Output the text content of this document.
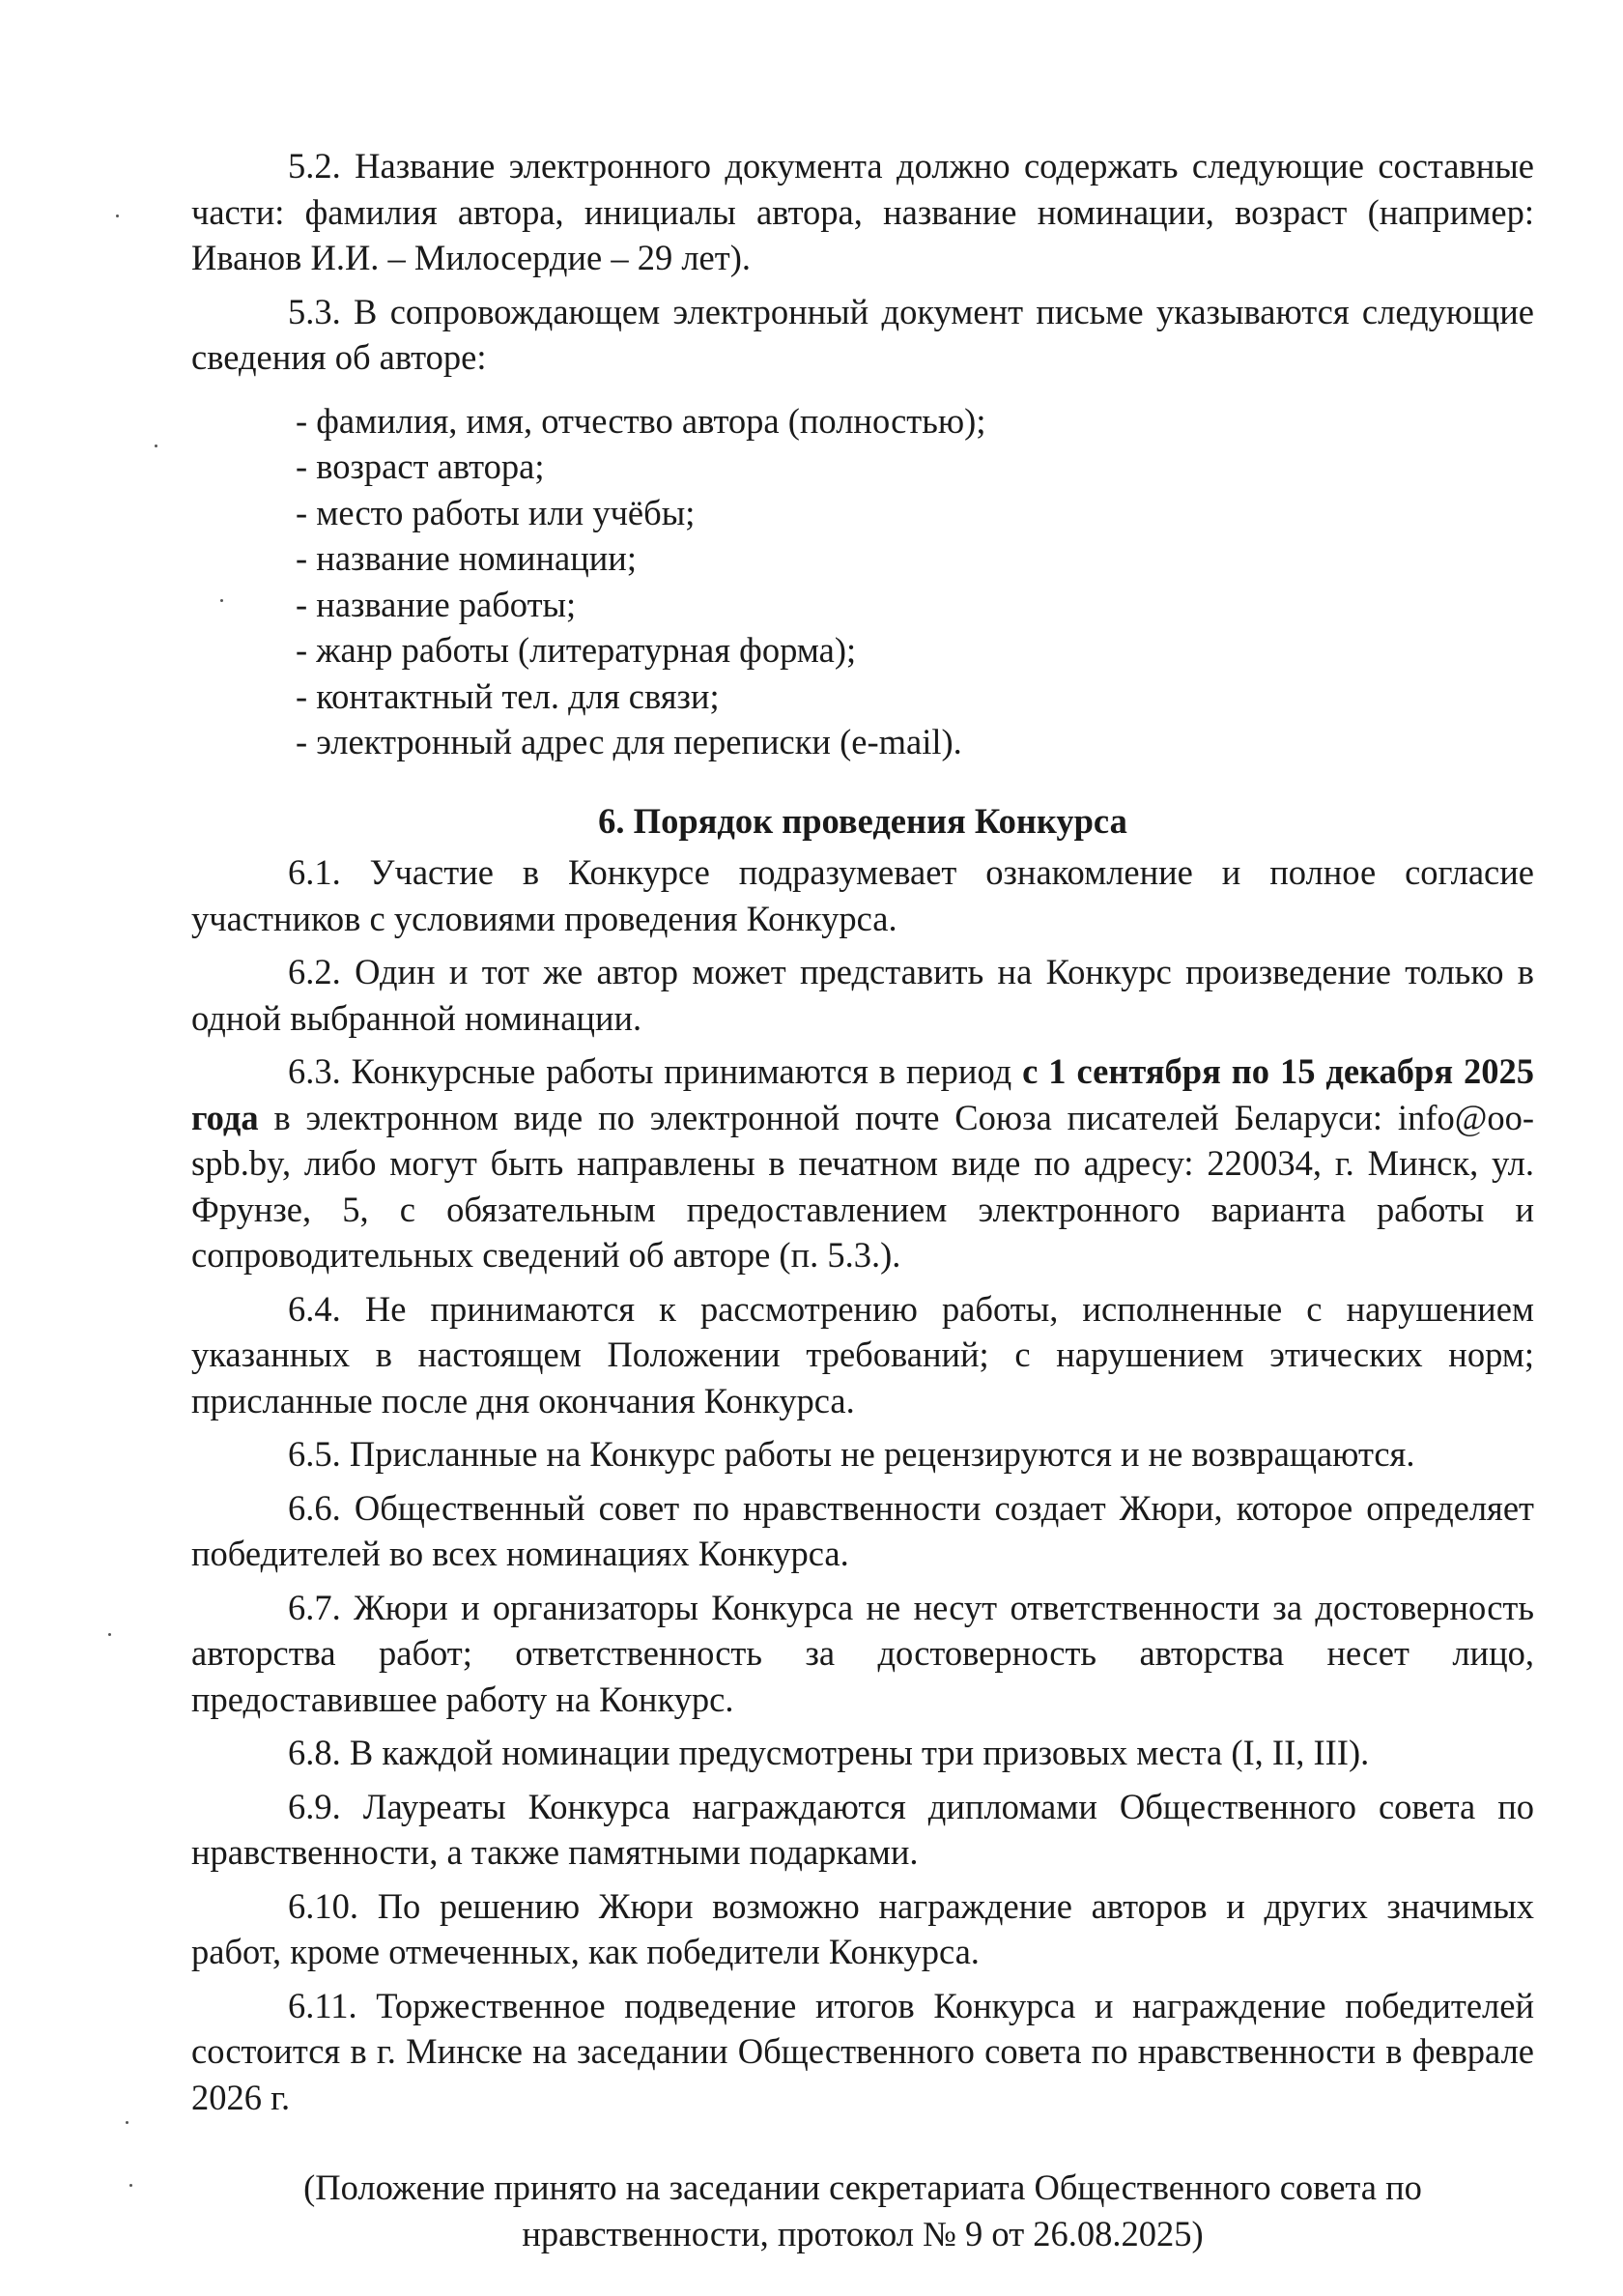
5.2. Название электронного документа должно содержать следующие составные части: фамилия автора, инициалы автора, название номинации, возраст (например: Иванов И.И. – Милосердие – 29 лет).

5.3. В сопровождающем электронный документ письме указываются следующие сведения об авторе:

- фамилия, имя, отчество автора (полностью);
- возраст автора;
- место работы или учёбы;
- название номинации;
- название работы;
- жанр работы (литературная форма);
- контактный тел. для связи;
- электронный адрес для переписки (e-mail).

6. Порядок проведения Конкурса

6.1. Участие в Конкурсе подразумевает ознакомление и полное согласие участников с условиями проведения Конкурса.

6.2. Один и тот же автор может представить на Конкурс произведение только в одной выбранной номинации.

6.3. Конкурсные работы принимаются в период с 1 сентября по 15 декабря 2025 года в электронном виде по электронной почте Союза писателей Беларуси: info@oo-spb.by, либо могут быть направлены в печатном виде по адресу: 220034, г. Минск, ул. Фрунзе, 5, с обязательным предоставлением электронного варианта работы и сопроводительных сведений об авторе (п. 5.3.).

6.4. Не принимаются к рассмотрению работы, исполненные с нарушением указанных в настоящем Положении требований; с нарушением этических норм; присланные после дня окончания Конкурса.

6.5. Присланные на Конкурс работы не рецензируются и не возвращаются.

6.6. Общественный совет по нравственности создает Жюри, которое определяет победителей во всех номинациях Конкурса.

6.7. Жюри и организаторы Конкурса не несут ответственности за достоверность авторства работ; ответственность за достоверность авторства несет лицо, предоставившее работу на Конкурс.

6.8. В каждой номинации предусмотрены три призовых места (I, II, III).

6.9. Лауреаты Конкурса награждаются дипломами Общественного совета по нравственности, а также памятными подарками.

6.10. По решению Жюри возможно награждение авторов и других значимых работ, кроме отмеченных, как победители Конкурса.

6.11. Торжественное подведение итогов Конкурса и награждение победителей состоится в г. Минске на заседании Общественного совета по нравственности в феврале 2026 г.

(Положение принято на заседании секретариата Общественного совета по нравственности, протокол № 9 от 26.08.2025)
